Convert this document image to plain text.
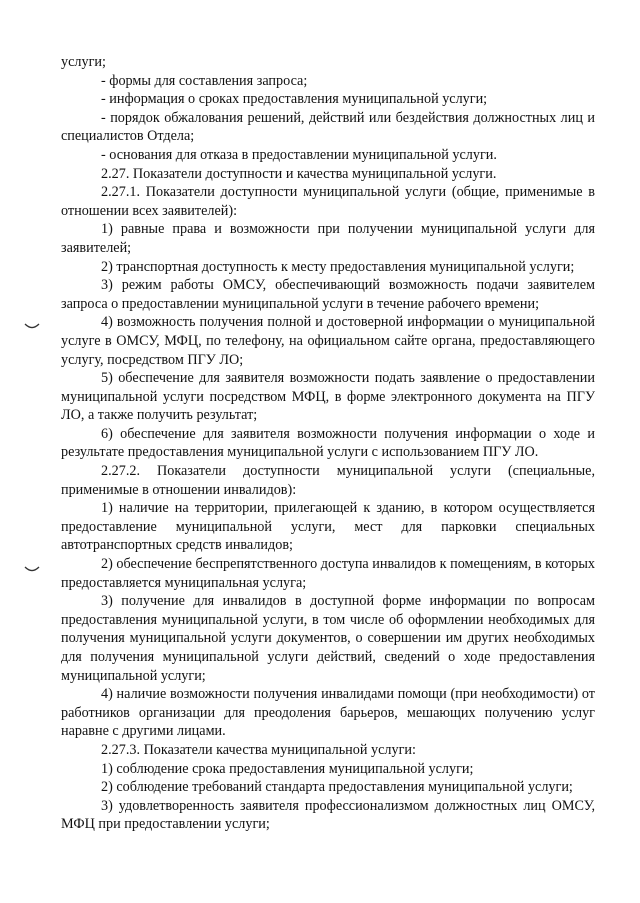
услуги;

- формы для составления запроса;

- информация о сроках предоставления муниципальной услуги;

- порядок обжалования решений, действий или бездействия должностных лиц и специалистов Отдела;

- основания для отказа в предоставлении муниципальной услуги.

2.27. Показатели доступности и качества муниципальной услуги.

2.27.1. Показатели доступности муниципальной услуги (общие, применимые в отношении всех заявителей):

1) равные права и возможности при получении муниципальной услуги для заявителей;

2) транспортная доступность к месту предоставления муниципальной услуги;

3) режим работы ОМСУ, обеспечивающий возможность подачи заявителем запроса о предоставлении муниципальной услуги в течение рабочего времени;

4) возможность получения полной и достоверной информации о муниципальной услуге в ОМСУ, МФЦ, по телефону, на официальном сайте органа, предоставляющего услугу, посредством ПГУ ЛО;

5) обеспечение для заявителя возможности подать заявление о предоставлении муниципальной услуги посредством МФЦ, в форме электронного документа на ПГУ ЛО, а также получить результат;

6) обеспечение для заявителя возможности получения информации о ходе и результате предоставления муниципальной услуги с использованием ПГУ ЛО.

2.27.2. Показатели доступности муниципальной услуги (специальные, применимые в отношении инвалидов):

1) наличие на территории, прилегающей к зданию, в котором осуществляется предоставление муниципальной услуги, мест для парковки специальных автотранспортных средств инвалидов;

2) обеспечение беспрепятственного доступа инвалидов к помещениям, в которых предоставляется муниципальная услуга;

3) получение для инвалидов в доступной форме информации по вопросам предоставления муниципальной услуги, в том числе об оформлении необходимых для получения муниципальной услуги документов, о совершении им других необходимых для получения муниципальной услуги действий, сведений о ходе предоставления муниципальной услуги;

4) наличие возможности получения инвалидами помощи (при необходимости) от работников организации для преодоления барьеров, мешающих получению услуг наравне с другими лицами.

2.27.3. Показатели качества муниципальной услуги:

1) соблюдение срока предоставления муниципальной услуги;

2) соблюдение требований стандарта предоставления муниципальной услуги;

3) удовлетворенность заявителя профессионализмом должностных лиц ОМСУ, МФЦ при предоставлении услуги;
